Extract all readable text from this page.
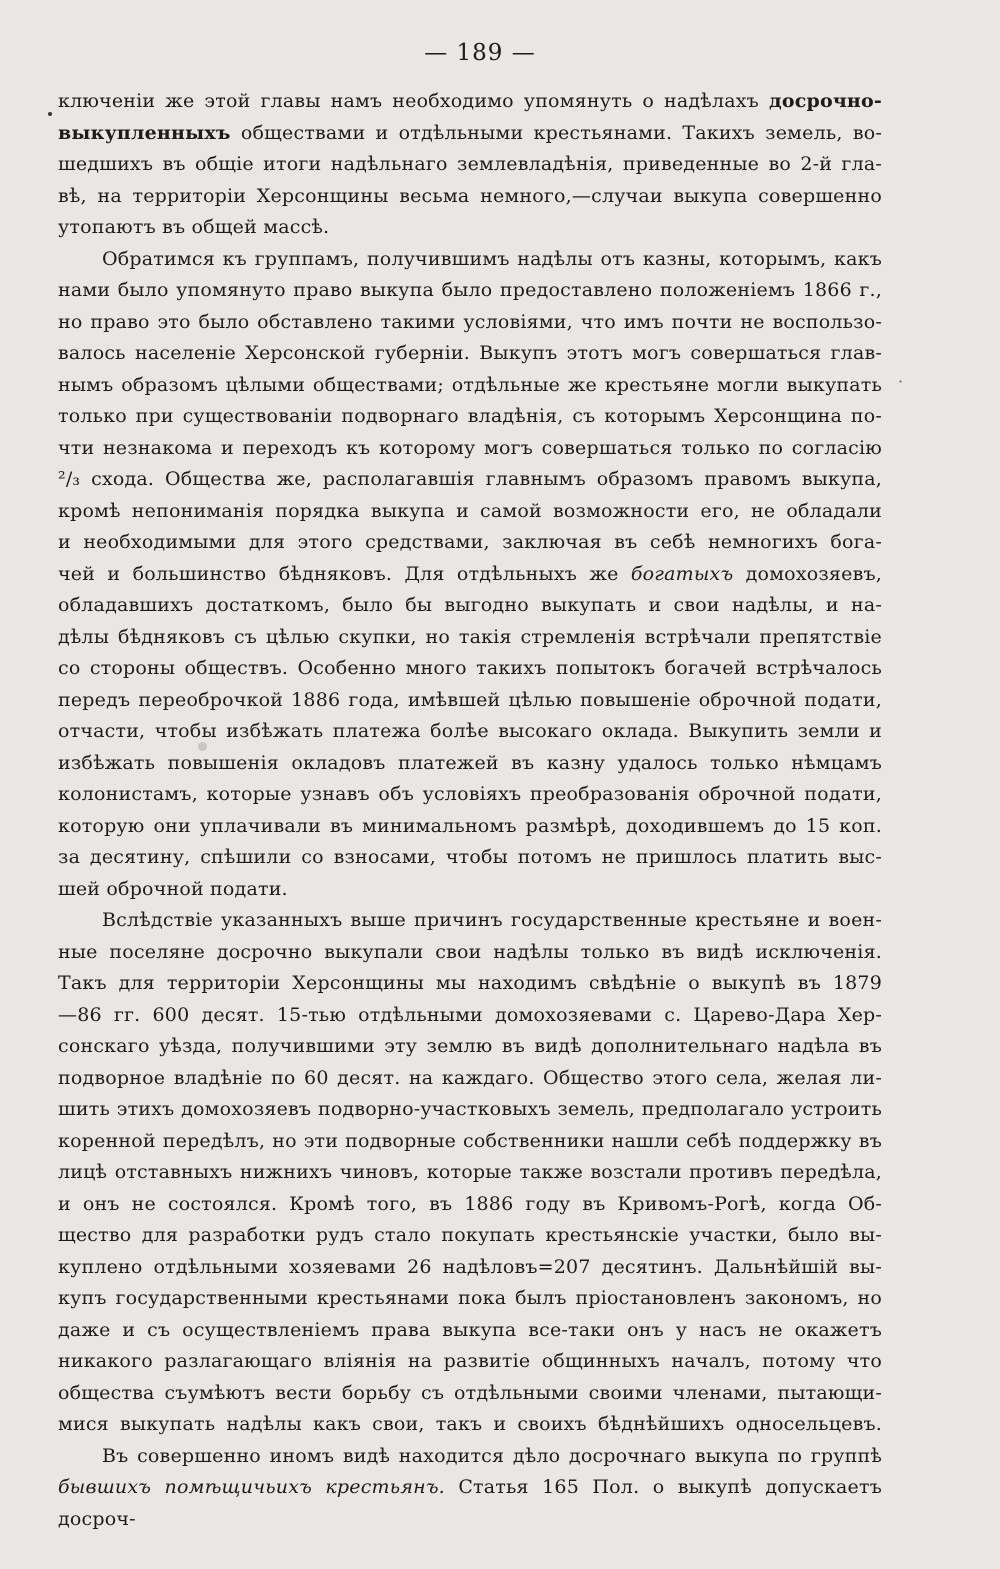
·
— 189 —

ключеніи же этой главы намъ необходимо упомянуть о надѣлахъ досрочно-
выкупленныхъ обществами и отдѣльными крестьянами. Такихъ земель, во-
шедшихъ въ общіе итоги надѣльнаго землевладѣнія, приведенные во 2-й гла-
вѣ, на территоріи Херсонщины весьма немного,—случаи выкупа совершенно
утопаютъ въ общей массѣ.
Обратимся къ группамъ, получившимъ надѣлы отъ казны, которымъ, какъ
нами было упомянуто право выкупа было предоставлено положеніемъ 1866 г.,
но право это было обставлено такими условіями, что имъ почти не воспользо-
валось населеніе Херсонской губерніи. Выкупъ этотъ могъ совершаться глав-
нымъ образомъ цѣлыми обществами; отдѣльные же крестьяне могли выкупать
только при существованіи подворнаго владѣнія, съ которымъ Херсонщина по-
чти незнакома и переходъ къ которому могъ совершаться только по согласію
²/₃ схода. Общества же, располагавшія главнымъ образомъ правомъ выкупа,
кромѣ непониманія порядка выкупа и самой возможности его, не обладали
и необходимыми для этого средствами, заключая въ себѣ немногихъ бога-
чей и большинство бѣдняковъ. Для отдѣльныхъ же богатыхъ домохозяевъ,
обладавшихъ достаткомъ, было бы выгодно выкупать и свои надѣлы, и на-
дѣлы бѣдняковъ съ цѣлью скупки, но такія стремленія встрѣчали препятствіе
со стороны обществъ. Особенно много такихъ попытокъ богачей встрѣчалось
передъ переоброчкой 1886 года, имѣвшей цѣлью повышеніе оброчной подати,
отчасти, чтобы избѣжать платежа болѣе высокаго оклада. Выкупить земли и
избѣжать повышенія окладовъ платежей въ казну удалось только нѣмцамъ
колонистамъ, которые узнавъ объ условіяхъ преобразованія оброчной подати,
которую они уплачивали въ минимальномъ размѣрѣ, доходившемъ до 15 коп.
за десятину, спѣшили со взносами, чтобы потомъ не пришлось платить выс-
шей оброчной подати.
Вслѣдствіе указанныхъ выше причинъ государственные крестьяне и воен-
ные поселяне досрочно выкупали свои надѣлы только въ видѣ исключенія.
Такъ для территоріи Херсонщины мы находимъ свѣдѣніе о выкупѣ въ 1879
—86 гг. 600 десят. 15-тью отдѣльными домохозяевами с. Царево-Дара Хер-
сонскаго уѣзда, получившими эту землю въ видѣ дополнительнаго надѣла въ
подворное владѣніе по 60 десят. на каждаго. Общество этого села, желая ли-
шить этихъ домохозяевъ подворно-участковыхъ земель, предполагало устроить
коренной передѣлъ, но эти подворные собственники нашли себѣ поддержку въ
лицѣ отставныхъ нижнихъ чиновъ, которые также возстали противъ передѣла,
и онъ не состоялся. Кромѣ того, въ 1886 году въ Кривомъ-Рогѣ, когда Об-
щество для разработки рудъ стало покупать крестьянскіе участки, было вы-
куплено отдѣльными хозяевами 26 надѣловъ=207 десятинъ. Дальнѣйшій вы-
купъ государственными крестьянами пока былъ пріостановленъ закономъ, но
даже и съ осуществленіемъ права выкупа все-таки онъ у насъ не окажетъ
никакого разлагающаго вліянія на развитіе общинныхъ началъ, потому что
общества съумѣютъ вести борьбу съ отдѣльными своими членами, пытающи-
мися выкупать надѣлы какъ свои, такъ и своихъ бѣднѣйшихъ односельцевъ.
Въ совершенно иномъ видѣ находится дѣло досрочнаго выкупа по группѣ
бывшихъ помѣщичьихъ крестьянъ. Статья 165 Пол. о выкупѣ допускаетъ досроч-
